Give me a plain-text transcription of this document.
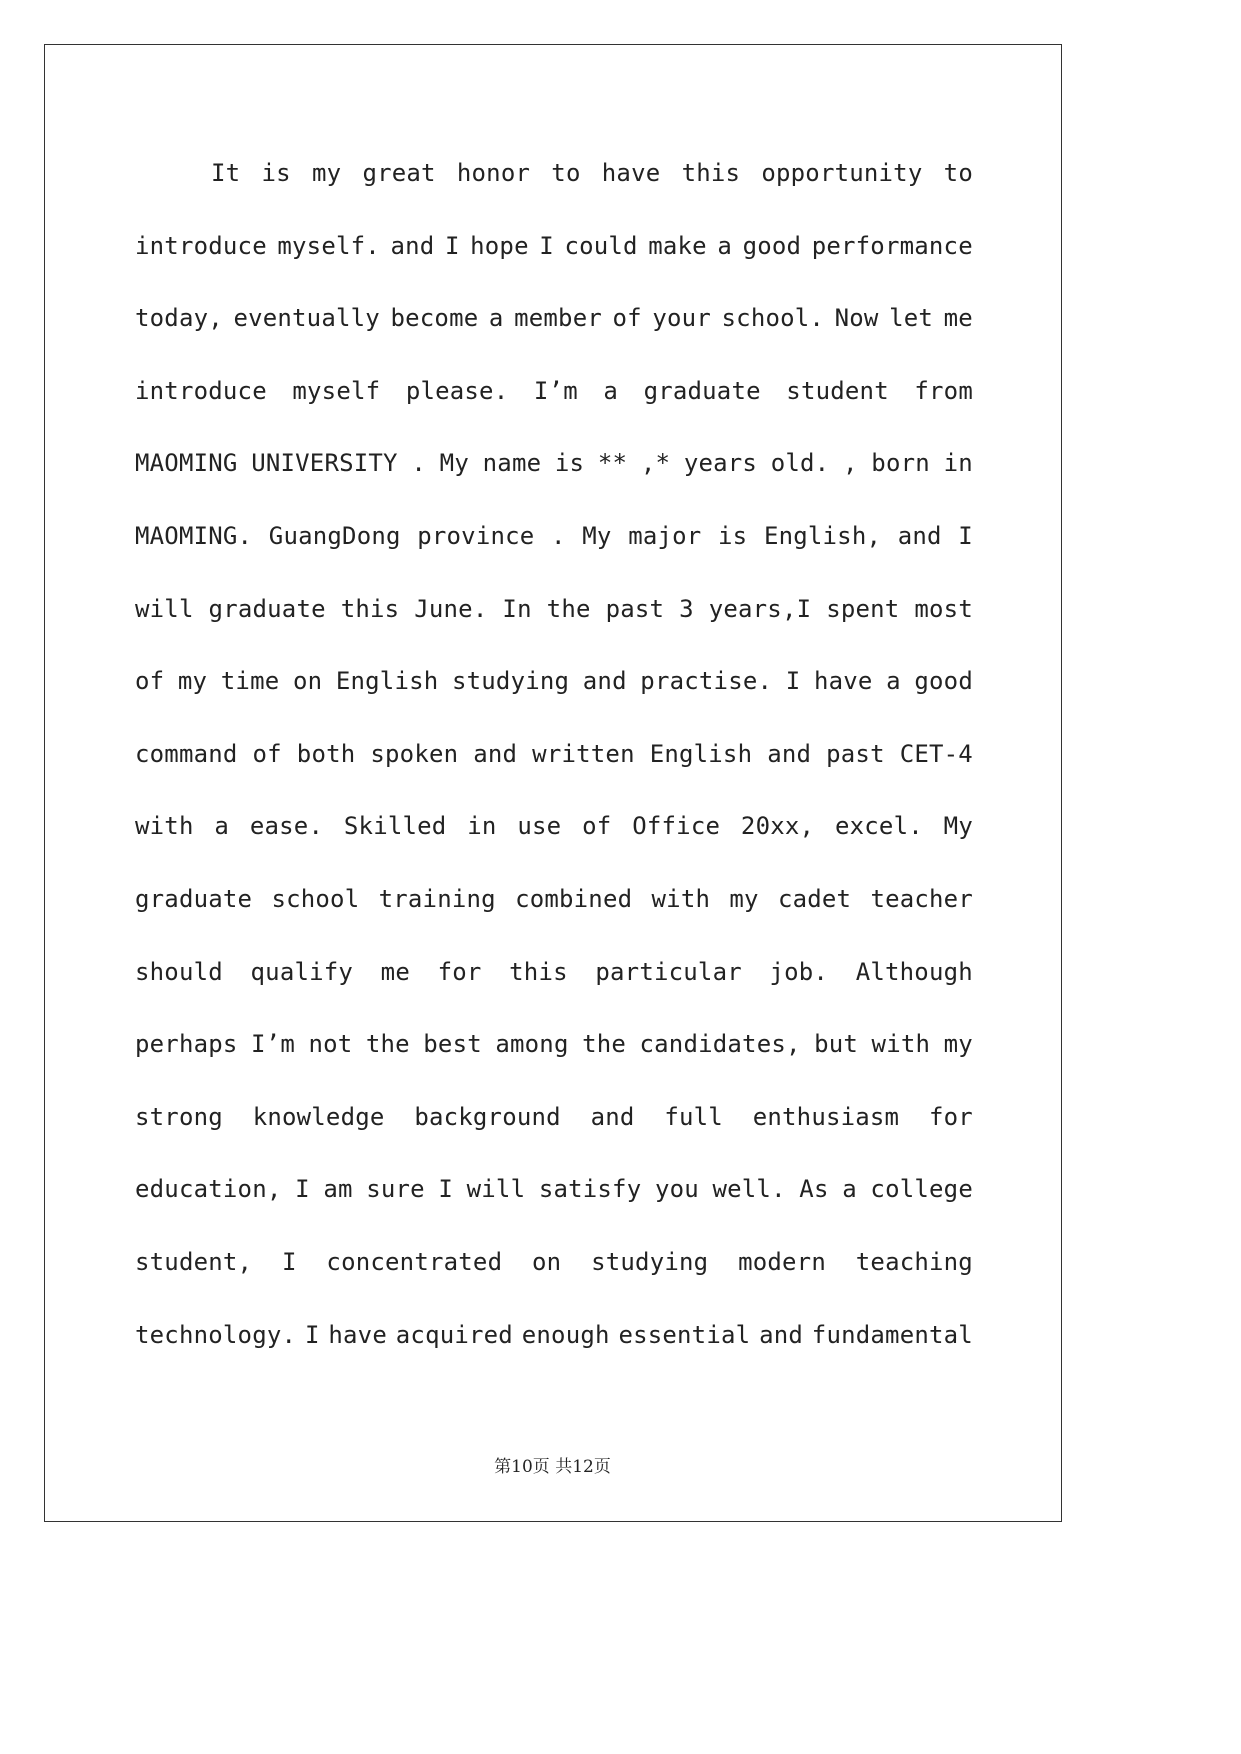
It is my great honor to have this opportunity to
introduce myself. and I hope I could make a good performance
today, eventually become a member of your school. Now let me
introduce myself please. I’m a graduate student from
MAOMING UNIVERSITY . My name is ** ,* years old. , born in
MAOMING. GuangDong province . My major is English, and I
will graduate this June. In the past 3 years,I spent most
of my time on English studying and practise. I have a good
command of both spoken and written English and past CET-4
with a ease. Skilled in use of Office 20xx, excel. My
graduate school training combined with my cadet teacher
should qualify me for this particular job. Although
perhaps I’m not the best among the candidates, but with my
strong knowledge background and full enthusiasm for
education, I am sure I will satisfy you well. As a college
student, I concentrated on studying modern teaching
technology. I have acquired enough essential and fundamental
第10页 共12页
